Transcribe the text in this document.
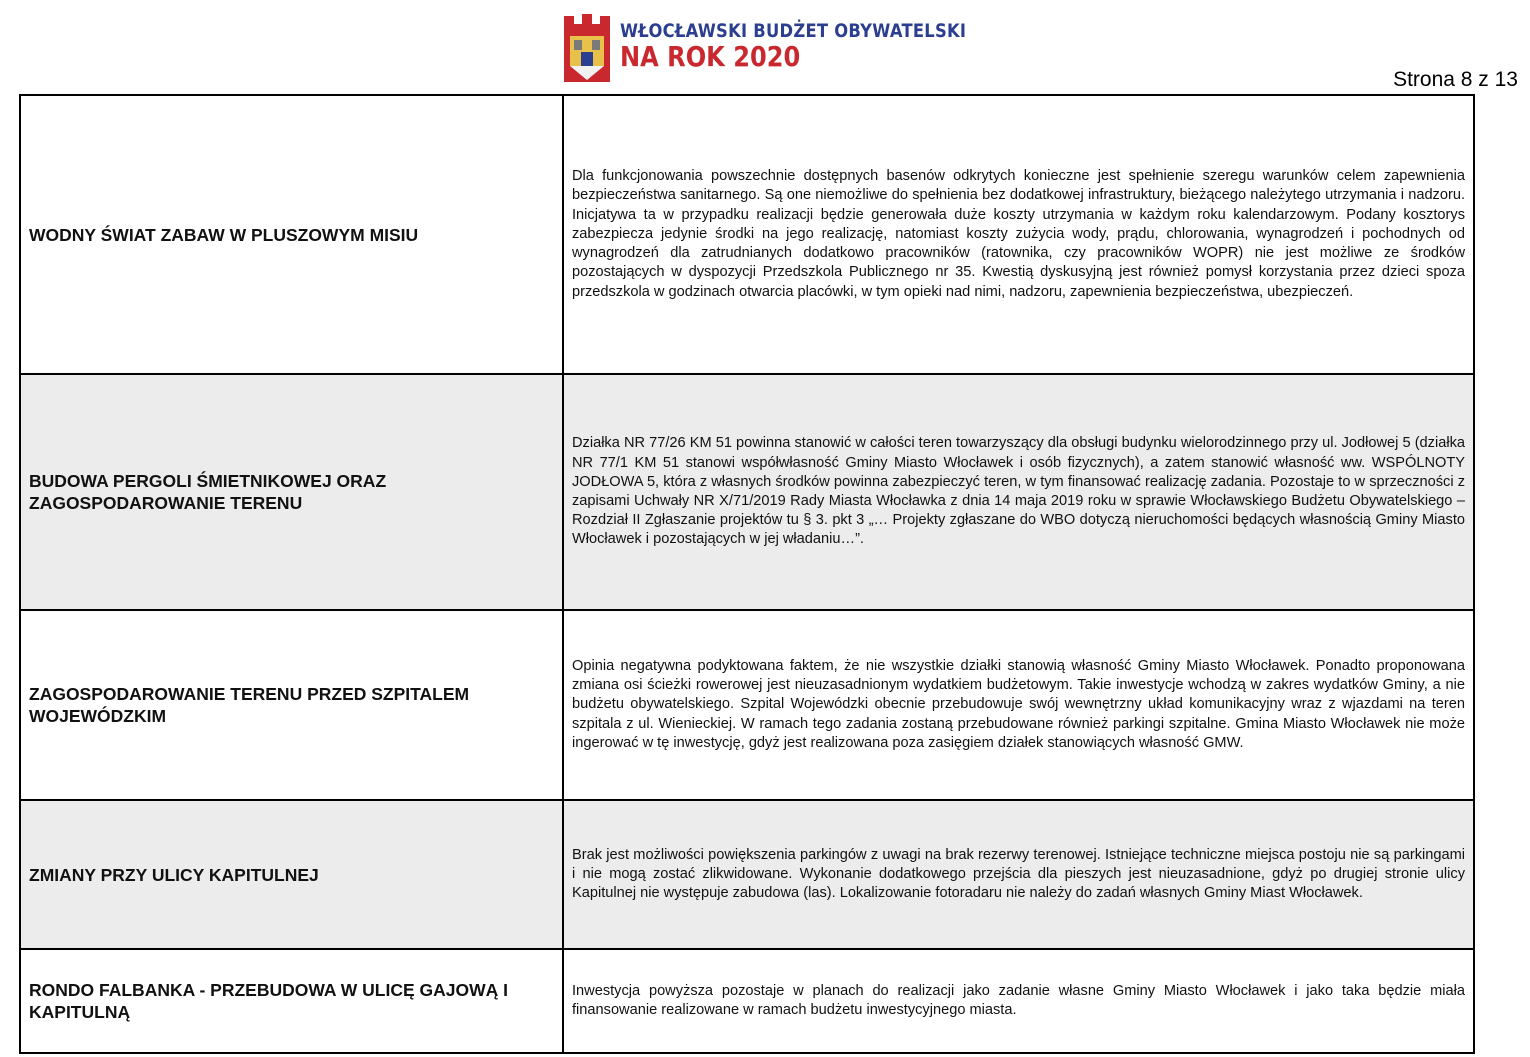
WŁOCŁAWSKI BUDŻET OBYWATELSKI
NA ROK 2020
Strona 8 z 13
WODNY ŚWIAT ZABAW W PLUSZOWYM MISIU	Dla funkcjonowania powszechnie dostępnych basenów odkrytych konieczne jest spełnienie szeregu warunków celem zapewnienia bezpieczeństwa sanitarnego. Są one niemożliwe do spełnienia bez dodatkowej infrastruktury, bieżącego należytego utrzymania i nadzoru. Inicjatywa ta w przypadku realizacji będzie generowała duże koszty utrzymania w każdym roku kalendarzowym. Podany kosztorys zabezpiecza jedynie środki na jego realizację, natomiast koszty zużycia wody, prądu, chlorowania, wynagrodzeń i pochodnych od wynagrodzeń dla zatrudnianych dodatkowo pracowników (ratownika, czy pracowników WOPR) nie jest możliwe ze środków pozostających w dyspozycji Przedszkola Publicznego nr 35. Kwestią dyskusyjną jest również pomysł korzystania przez dzieci spoza przedszkola w godzinach otwarcia placówki, w tym opieki nad nimi, nadzoru, zapewnienia bezpieczeństwa, ubezpieczeń.

BUDOWA PERGOLI ŚMIETNIKOWEJ ORAZ ZAGOSPODAROWANIE TERENU	Działka NR 77/26 KM 51 powinna stanowić w całości teren towarzyszący dla obsługi budynku wielorodzinnego przy ul. Jodłowej 5 (działka NR 77/1 KM 51 stanowi współwłasność Gminy Miasto Włocławek i osób fizycznych), a zatem stanowić własność ww. WSPÓLNOTY JODŁOWA 5, która z własnych środków powinna zabezpieczyć teren, w tym finansować realizację zadania. Pozostaje to w sprzeczności z zapisami Uchwały NR X/71/2019 Rady Miasta Włocławka z dnia 14 maja 2019 roku w sprawie Włocławskiego Budżetu Obywatelskiego – Rozdział II Zgłaszanie projektów tu § 3. pkt 3 „… Projekty zgłaszane do WBO dotyczą nieruchomości będących własnością Gminy Miasto Włocławek i pozostających w jej władaniu…”.

ZAGOSPODAROWANIE TERENU PRZED SZPITALEM WOJEWÓDZKIM	Opinia negatywna podyktowana faktem, że nie wszystkie działki stanowią własność Gminy Miasto Włocławek. Ponadto proponowana zmiana osi ścieżki rowerowej jest nieuzasadnionym wydatkiem budżetowym. Takie inwestycje wchodzą w zakres wydatków Gminy, a nie budżetu obywatelskiego. Szpital Wojewódzki obecnie przebudowuje swój wewnętrzny układ komunikacyjny wraz z wjazdami na teren szpitala z ul. Wienieckiej. W ramach tego zadania zostaną przebudowane również parkingi szpitalne. Gmina Miasto Włocławek nie może ingerować w tę inwestycję, gdyż jest realizowana poza zasięgiem działek stanowiących własność GMW.

ZMIANY PRZY ULICY KAPITULNEJ	Brak jest możliwości powiększenia parkingów z uwagi na brak rezerwy terenowej. Istniejące techniczne miejsca postoju nie są parkingami i nie mogą zostać zlikwidowane. Wykonanie dodatkowego przejścia dla pieszych jest nieuzasadnione, gdyż po drugiej stronie ulicy Kapitulnej nie występuje zabudowa (las). Lokalizowanie fotoradaru nie należy do zadań własnych Gminy Miast Włocławek.

RONDO FALBANKA - PRZEBUDOWA W ULICĘ GAJOWĄ I KAPITULNĄ	Inwestycja powyższa pozostaje w planach do realizacji jako zadanie własne Gminy Miasto Włocławek i jako taka będzie miała finansowanie realizowane w ramach budżetu inwestycyjnego miasta.
